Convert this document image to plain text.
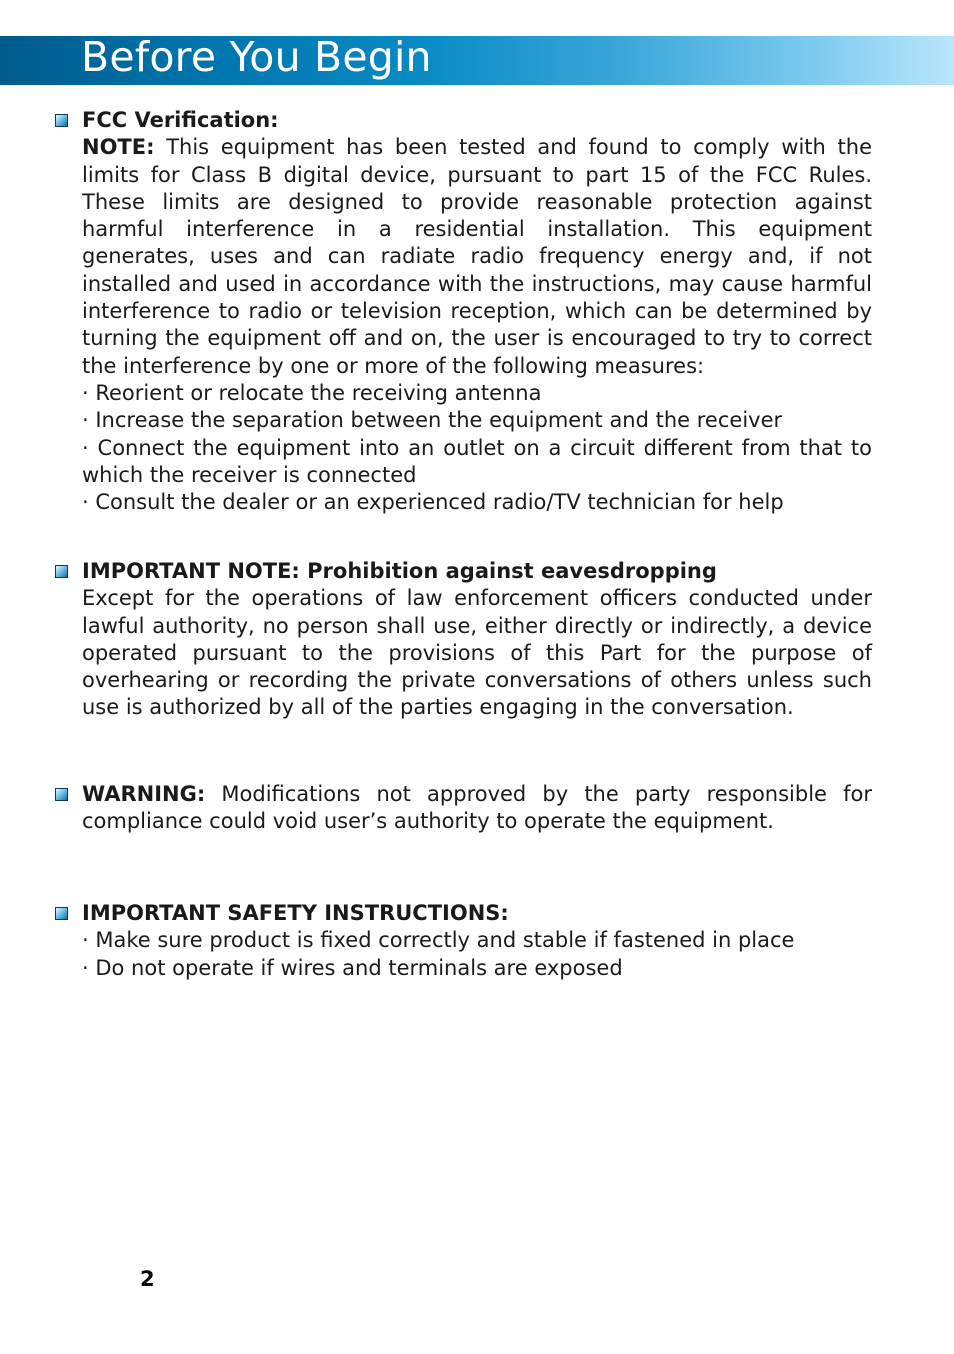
Before You Begin

FCC Verification:

NOTE: This equipment has been tested and found to comply with the limits for Class B digital device, pursuant to part 15 of the FCC Rules. These limits are designed to provide reasonable protection against harmful interference in a residential installation. This equipment generates, uses and can radiate radio frequency energy and, if not installed and used in accordance with the instructions, may cause harmful interference to radio or television reception, which can be determined by turning the equipment off and on, the user is encouraged to try to correct the interference by one or more of the following measures:

· Reorient or relocate the receiving antenna

· Increase the separation between the equipment and the receiver

· Connect the equipment into an outlet on a circuit different from that to which the receiver is connected

· Consult the dealer or an experienced radio/TV technician for help

IMPORTANT NOTE: Prohibition against eavesdropping

Except for the operations of law enforcement officers conducted under lawful authority, no person shall use, either directly or indirectly, a device operated pursuant to the provisions of this Part for the purpose of overhearing or recording the private conversations of others unless such use is authorized by all of the parties engaging in the conversation.

WARNING: Modifications not approved by the party responsible for compliance could void user’s authority to operate the equipment.

IMPORTANT SAFETY INSTRUCTIONS:

· Make sure product is fixed correctly and stable if fastened in place

· Do not operate if wires and terminals are exposed

2
